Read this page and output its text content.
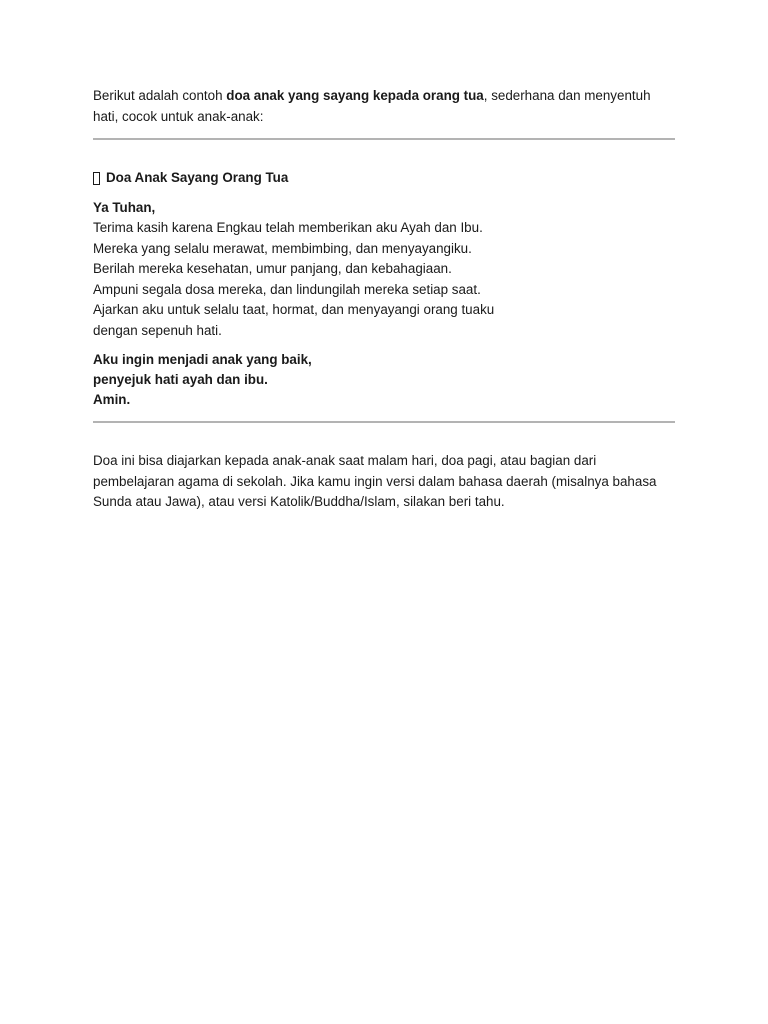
Berikut adalah contoh doa anak yang sayang kepada orang tua, sederhana dan menyentuh hati, cocok untuk anak-anak:

Doa Anak Sayang Orang Tua
Ya Tuhan,

Terima kasih karena Engkau telah memberikan aku Ayah dan Ibu.

Mereka yang selalu merawat, membimbing, dan menyayangiku.

Berilah mereka kesehatan, umur panjang, dan kebahagiaan.

Ampuni segala dosa mereka, dan lindungilah mereka setiap saat.

Ajarkan aku untuk selalu taat, hormat, dan menyayangi orang tuaku

dengan sepenuh hati.

Aku ingin menjadi anak yang baik,

penyejuk hati ayah dan ibu.

Amin.

Doa ini bisa diajarkan kepada anak-anak saat malam hari, doa pagi, atau bagian dari pembelajaran agama di sekolah. Jika kamu ingin versi dalam bahasa daerah (misalnya bahasa Sunda atau Jawa), atau versi Katolik/Buddha/Islam, silakan beri tahu.
